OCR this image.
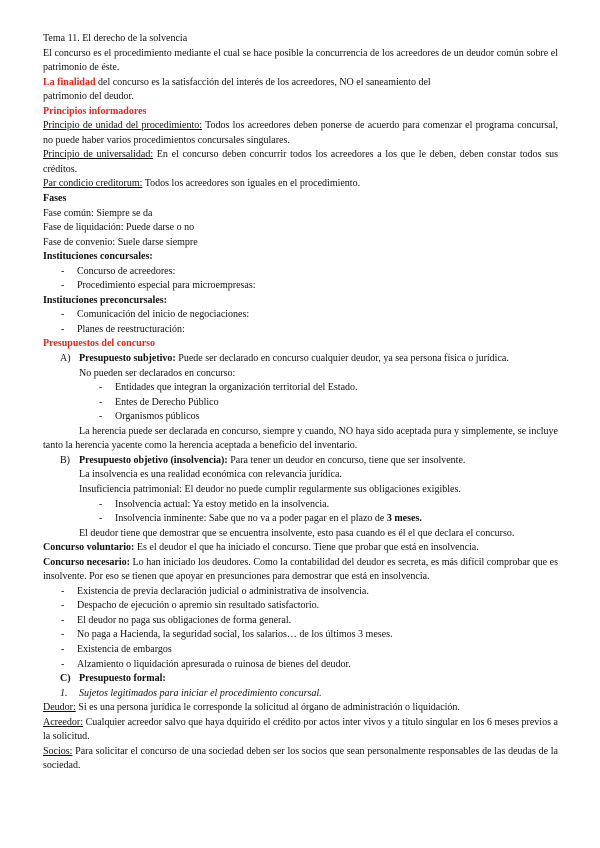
Tema 11. El derecho de la solvencia

El concurso es el procedimiento mediante el cual se hace posible la concurrencia de los acreedores de un deudor común sobre el patrimonio de éste.

La finalidad del concurso es la satisfacción del interés de los acreedores, NO el saneamiento del
patrimonio del deudor.

Principios informadores

Principio de unidad del procedimiento: Todos los acreedores deben ponerse de acuerdo para comenzar el programa concursal, no puede haber varios procedimientos concursales singulares.

Principio de universalidad: En el concurso deben concurrir todos los acreedores a los que le deben, deben constar todos sus créditos.

Par condicio creditorum: Todos los acreedores son iguales en el procedimiento.

Fases

Fase común: Siempre se da

Fase de liquidación: Puede darse o no

Fase de convenio: Suele darse siempre

Instituciones concursales:

- Concurso de acreedores:
- Procedimiento especial para microempresas:

Instituciones preconcursales:

- Comunicación del inicio de negociaciones:
- Planes de reestructuración:

Presupuestos del concurso

A) Presupuesto subjetivo: Puede ser declarado en concurso cualquier deudor, ya sea persona física o jurídica.

No pueden ser declarados en concurso:

- Entidades que integran la organización territorial del Estado.
- Entes de Derecho Público
- Organismos públicos

La herencia puede ser declarada en concurso, siempre y cuando, NO haya sido aceptada pura y simplemente, se incluye tanto la herencia yacente como la herencia aceptada a beneficio del inventario.

B) Presupuesto objetivo (insolvencia): Para tener un deudor en concurso, tiene que ser insolvente.

La insolvencia es una realidad económica con relevancia jurídica.

Insuficiencia patrimonial: El deudor no puede cumplir regularmente sus obligaciones exigibles.

- Insolvencia actual: Ya estoy metido en la insolvencia.
- Insolvencia inminente: Sabe que no va a poder pagar en el plazo de 3 meses.

El deudor tiene que demostrar que se encuentra insolvente, esto pasa cuando es él el que declara el concurso.

Concurso voluntario: Es el deudor el que ha iniciado el concurso. Tiene que probar que está en insolvencia.

Concurso necesario: Lo han iniciado los deudores. Como la contabilidad del deudor es secreta, es más difícil comprobar que es insolvente. Por eso se tienen que apoyar en presunciones para demostrar que está en insolvencia.

- Existencia de previa declaración judicial o administrativa de insolvencia.
- Despacho de ejecución o apremio sin resultado satisfactorio.
- El deudor no paga sus obligaciones de forma general.
- No paga a Hacienda, la seguridad social, los salarios… de los últimos 3 meses.
- Existencia de embargos
- Alzamiento o liquidación apresurada o ruinosa de bienes del deudor.
C) Presupuesto formal:
1. Sujetos legitimados para iniciar el procedimiento concursal.

Deudor: Si es una persona jurídica le corresponde la solicitud al órgano de administración o liquidación.

Acreedor: Cualquier acreedor salvo que haya dquirido el crédito por actos inter vivos y a título singular en los 6 meses previos a la solicitud.

Socios: Para solicitar el concurso de una sociedad deben ser los socios que sean personalmente responsables de las deudas de la sociedad.
